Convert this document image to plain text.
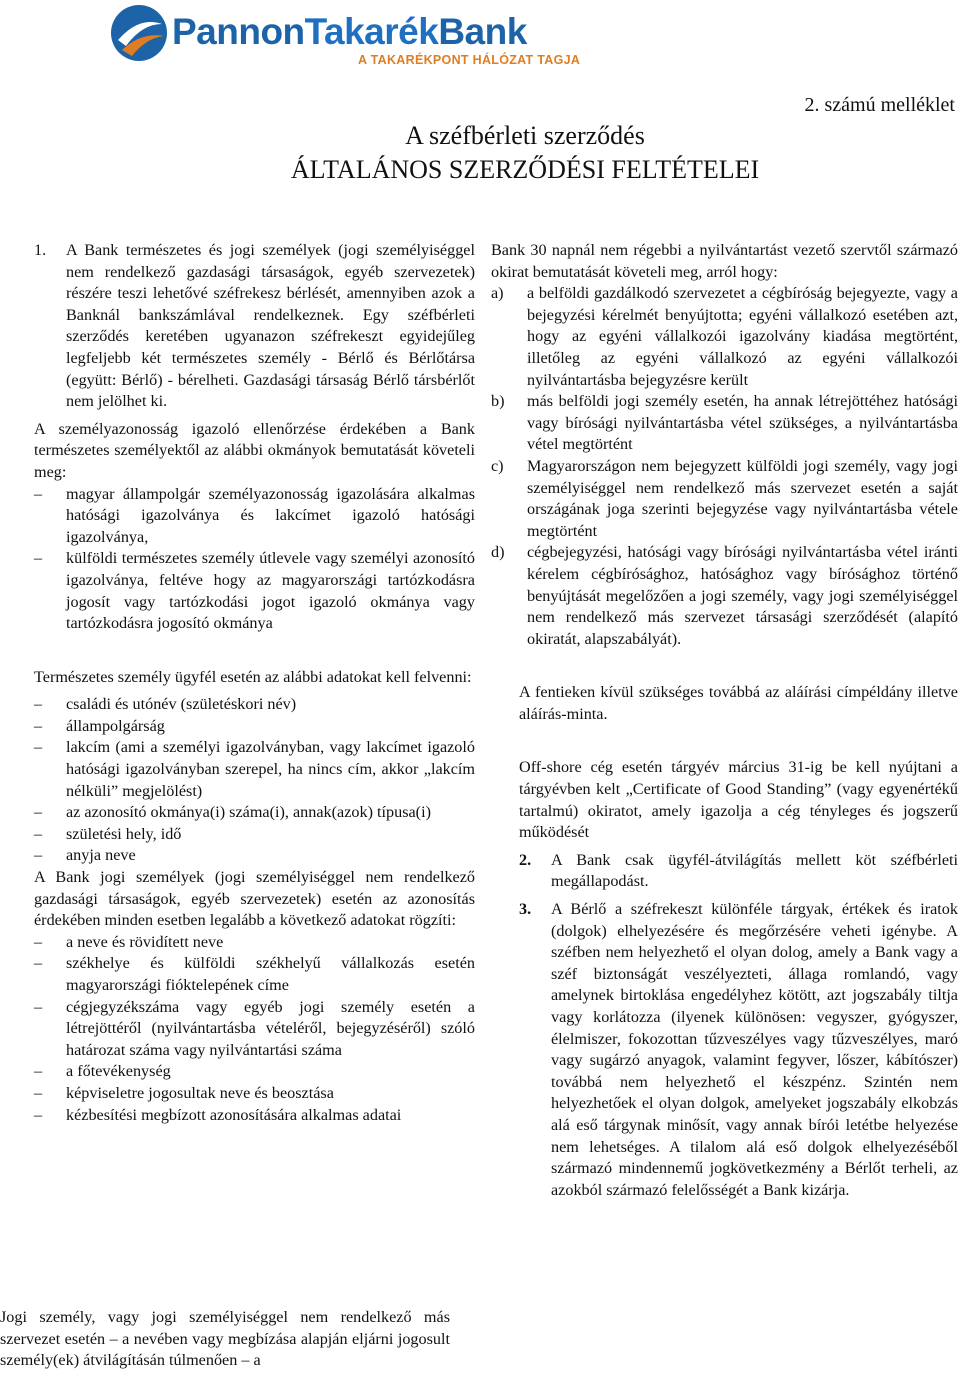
PannonTakarékBank
A TAKARÉKPONT HÁLÓZAT TAGJA
2. számú melléklet
A széfbérleti szerződés
ÁLTALÁNOS SZERZŐDÉSI FELTÉTELEI
1.	A Bank természetes és jogi személyek (jogi személyiséggel nem rendelkező gazdasági társaságok, egyéb szervezetek) részére teszi lehetővé széfrekesz bérlését, amennyiben azok a Banknál bankszámlával rendelkeznek. Egy széfbérleti szerződés keretében ugyanazon széfrekeszt egyidejűleg legfeljebb két természetes személy - Bérlő és Bérlőtársa (együtt: Bérlő) - bérelheti. Gazdasági társaság Bérlő társbérlőt nem jelölhet ki.

A személyazonosság igazoló ellenőrzése érdekében a Bank természetes személyektől az alábbi okmányok bemutatását követeli meg:

–	magyar állampolgár személyazonosság igazolására alkalmas hatósági igazolványa és lakcímet igazoló hatósági igazolványa,
–	külföldi természetes személy útlevele vagy személyi azonosító igazolványa, feltéve hogy az magyarországi tartózkodásra jogosít vagy tartózkodási jogot igazoló okmánya vagy tartózkodásra jogosító okmánya

Természetes személy ügyfél esetén az alábbi adatokat kell felvenni:

–	családi és utónév (születéskori név)
–	állampolgárság
–	lakcím (ami a személyi igazolványban, vagy lakcímet igazoló hatósági igazolványban szerepel, ha nincs cím, akkor „lakcím nélküli” megjelölést)
–	az azonosító okmánya(i) száma(i), annak(azok) típusa(i)
–	születési hely, idő
–	anyja neve

A Bank jogi személyek (jogi személyiséggel nem rendelkező gazdasági társaságok, egyéb szervezetek) esetén az azonosítás érdekében minden esetben legalább a következő adatokat rögzíti:

–	a neve és rövidített neve
–	székhelye és külföldi székhelyű vállalkozás esetén magyarországi fióktelepének címe
–	cégjegyzékszáma vagy egyéb jogi személy esetén a létrejöttéről (nyilvántartásba vételéről, bejegyzéséről) szóló határozat száma vagy nyilvántartási száma
–	a főtevékenység
–	képviseletre jogosultak neve és beosztása
–	kézbesítési megbízott azonosítására alkalmas adatai

Jogi személy, vagy jogi személyiséggel nem rendelkező más szervezet esetén – a nevében vagy megbízása alapján eljárni jogosult személy(ek) átvilágításán túlmenően – a

Bank 30 napnál nem régebbi a nyilvántartást vezető szervtől származó okirat bemutatását követeli meg, arról hogy:

a)	a belföldi gazdálkodó szervezetet a cégbíróság bejegyezte, vagy a bejegyzési kérelmét benyújtotta; egyéni vállalkozó esetében azt, hogy az egyéni vállalkozói igazolvány kiadása megtörtént, illetőleg az egyéni vállalkozó az egyéni vállalkozói nyilvántartásba bejegyzésre került
b)	más belföldi jogi személy esetén, ha annak létrejöttéhez hatósági vagy bírósági nyilvántartásba vétel szükséges, a nyilvántartásba vétel megtörtént
c)	Magyarországon nem bejegyzett külföldi jogi személy, vagy jogi személyiséggel nem rendelkező más szervezet esetén a saját országának joga szerinti bejegyzése vagy nyilvántartásba vétele megtörtént
d)	cégbejegyzési, hatósági vagy bírósági nyilvántartásba vétel iránti kérelem cégbírósághoz, hatósághoz vagy bírósághoz történő benyújtását megelőzően a jogi személy, vagy jogi személyiséggel nem rendelkező más szervezet társasági szerződését (alapító okiratát, alapszabályát).

A fentieken kívül szükséges továbbá az aláírási címpéldány illetve aláírás-minta.

Off-shore cég esetén tárgyév március 31-ig be kell nyújtani a tárgyévben kelt „Certificate of Good Standing” (vagy egyenértékű tartalmú) okiratot, amely igazolja a cég tényleges és jogszerű működését

2.	A Bank csak ügyfél-átvilágítás mellett köt széfbérleti megállapodást.
3.	A Bérlő a széfrekeszt különféle tárgyak, értékek és iratok (dolgok) elhelyezésére és megőrzésére veheti igénybe. A széfben nem helyezhető el olyan dolog, amely a Bank vagy a széf biztonságát veszélyezteti, állaga romlandó, vagy amelynek birtoklása engedélyhez kötött, azt jogszabály tiltja vagy korlátozza (ilyenek különösen: vegyszer, gyógyszer, élelmiszer, fokozottan tűzveszélyes vagy tűzveszélyes, maró vagy sugárzó anyagok, valamint fegyver, lőszer, kábítószer) továbbá nem helyezhető el készpénz. Szintén nem helyezhetőek el olyan dolgok, amelyeket jogszabály elkobzás alá eső tárgynak minősít, vagy annak bírói letétbe helyezése nem lehetséges. A tilalom alá eső dolgok elhelyezéséből származó mindennemű jogkövetkezmény a Bérlőt terheli, az azokból származó felelősségét a Bank kizárja.
